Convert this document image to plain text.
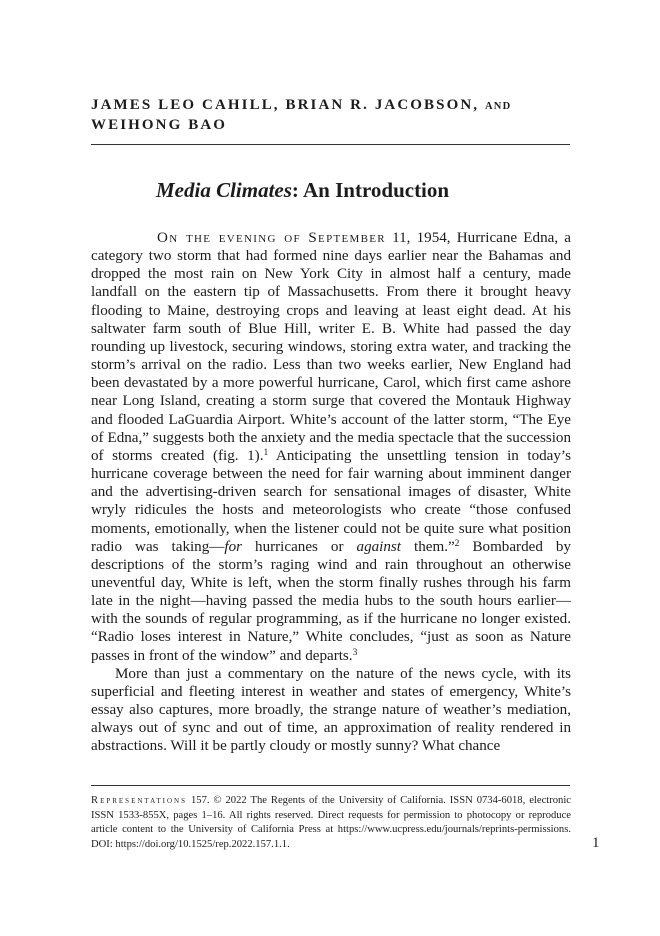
JAMES LEO CAHILL, BRIAN R. JACOBSON, AND
WEIHONG BAO
Media Climates: An Introduction

On the evening of September 11, 1954, Hurricane Edna, a category two storm that had formed nine days earlier near the Bahamas and dropped the most rain on New York City in almost half a century, made landfall on the eastern tip of Massachusetts. From there it brought heavy flooding to Maine, destroying crops and leaving at least eight dead. At his saltwater farm south of Blue Hill, writer E. B. White had passed the day rounding up livestock, securing windows, storing extra water, and tracking the storm’s arrival on the radio. Less than two weeks earlier, New England had been devastated by a more powerful hurricane, Carol, which first came ashore near Long Island, creating a storm surge that covered the Montauk Highway and flooded LaGuardia Airport. White’s account of the latter storm, “The Eye of Edna,” suggests both the anxiety and the media spectacle that the succession of storms created (fig. 1).$^1$ Anticipating the unsettling tension in today’s hurricane coverage between the need for fair warning about imminent danger and the advertising-driven search for sensational images of disaster, White wryly ridicules the hosts and meteorologists who create “those confused moments, emotionally, when the listener could not be quite sure what position radio was taking—for hurricanes or against them.”$^2$ Bombarded by descriptions of the storm’s raging wind and rain throughout an otherwise uneventful day, White is left, when the storm finally rushes through his farm late in the night—having passed the media hubs to the south hours earlier—with the sounds of regular programming, as if the hurricane no longer existed. “Radio loses interest in Nature,” White concludes, “just as soon as Nature passes in front of the window” and departs.$^3$

More than just a commentary on the nature of the news cycle, with its superficial and fleeting interest in weather and states of emergency, White’s essay also captures, more broadly, the strange nature of weather’s mediation, always out of sync and out of time, an approximation of reality rendered in abstractions. Will it be partly cloudy or mostly sunny? What chance

Representations 157. © 2022 The Regents of the University of California. ISSN 0734-6018, electronic ISSN 1533-855X, pages 1–16. All rights reserved. Direct requests for permission to photocopy or reproduce article content to the University of California Press at https://www.ucpress.edu/journals/reprints-permissions. DOI: https://doi.org/10.1525/rep.2022.157.1.1.	1
